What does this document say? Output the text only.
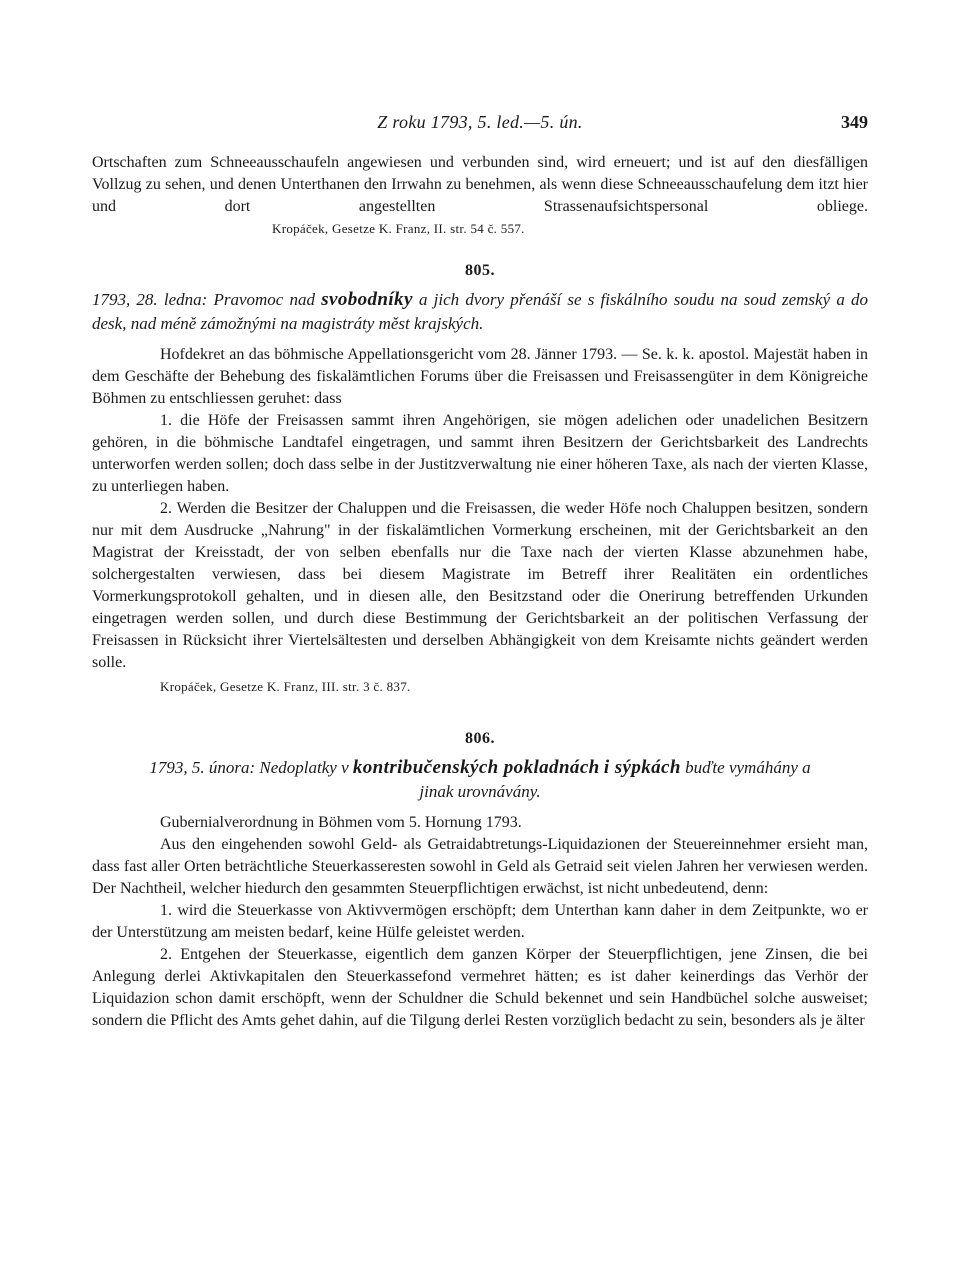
Z roku 1793, 5. led.—5. ún.	349

Ortschaften zum Schneeausschaufeln angewiesen und verbunden sind, wird erneuert; und ist auf den diesfälligen Vollzug zu sehen, und denen Unterthanen den Irrwahn zu benehmen, als wenn diese Schneeausschaufelung dem itzt hier und dort angestellten Strassenaufsichtspersonal obliege.Kropáček, Gesetze K. Franz, II. str. 54 č. 557.

805.
1793, 28. ledna: Pravomoc nad svobodníky a jich dvory přenáší se s fiskálního soudu na soud zemský a do desk, nad méně zámožnými na magistráty měst krajských.

Hofdekret an das böhmische Appellationsgericht vom 28. Jänner 1793. — Se. k. k. apostol. Majestät haben in dem Geschäfte der Behebung des fiskalämtlichen Forums über die Freisassen und Freisassengüter in dem Königreiche Böhmen zu entschliessen geruhet: dass

1. die Höfe der Freisassen sammt ihren Angehörigen, sie mögen adelichen oder unadelichen Besitzern gehören, in die böhmische Landtafel eingetragen, und sammt ihren Besitzern der Gerichtsbarkeit des Landrechts unterworfen werden sollen; doch dass selbe in der Justitzverwaltung nie einer höheren Taxe, als nach der vierten Klasse, zu unterliegen haben.

2. Werden die Besitzer der Chaluppen und die Freisassen, die weder Höfe noch Chaluppen besitzen, sondern nur mit dem Ausdrucke „Nahrung" in der fiskalämtlichen Vormerkung erscheinen, mit der Gerichtsbarkeit an den Magistrat der Kreisstadt, der von selben ebenfalls nur die Taxe nach der vierten Klasse abzunehmen habe, solchergestalten verwiesen, dass bei diesem Magistrate im Betreff ihrer Realitäten ein ordentliches Vormerkungsprotokoll gehalten, und in diesen alle, den Besitzstand oder die Onerirung betreffenden Urkunden eingetragen werden sollen, und durch diese Bestimmung der Gerichtsbarkeit an der politischen Verfassung der Freisassen in Rücksicht ihrer Viertelsältesten und derselben Abhängigkeit von dem Kreisamte nichts geändert werden solle.

Kropáček, Gesetze K. Franz, III. str. 3 č. 837.

806.
1793, 5. února: Nedoplatky v kontribučenských pokladnách i sýpkách buďte vymáhány a jinak urovnávány.

Gubernialverordnung in Böhmen vom 5. Hornung 1793.

Aus den eingehenden sowohl Geld- als Getraidabtretungs-Liquidazionen der Steuereinnehmer ersieht man, dass fast aller Orten beträchtliche Steuerkasseresten sowohl in Geld als Getraid seit vielen Jahren her verwiesen werden. Der Nachtheil, welcher hiedurch den gesammten Steuerpflichtigen erwächst, ist nicht unbedeutend, denn:

1. wird die Steuerkasse von Aktivvermögen erschöpft; dem Unterthan kann daher in dem Zeitpunkte, wo er der Unterstützung am meisten bedarf, keine Hülfe geleistet werden.

2. Entgehen der Steuerkasse, eigentlich dem ganzen Körper der Steuerpflichtigen, jene Zinsen, die bei Anlegung derlei Aktivkapitalen den Steuerkassefond vermehret hätten; es ist daher keinerdings das Verhör der Liquidazion schon damit erschöpft, wenn der Schuldner die Schuld bekennet und sein Handbüchel solche ausweiset; sondern die Pflicht des Amts gehet dahin, auf die Tilgung derlei Resten vorzüglich bedacht zu sein, besonders als je älter
